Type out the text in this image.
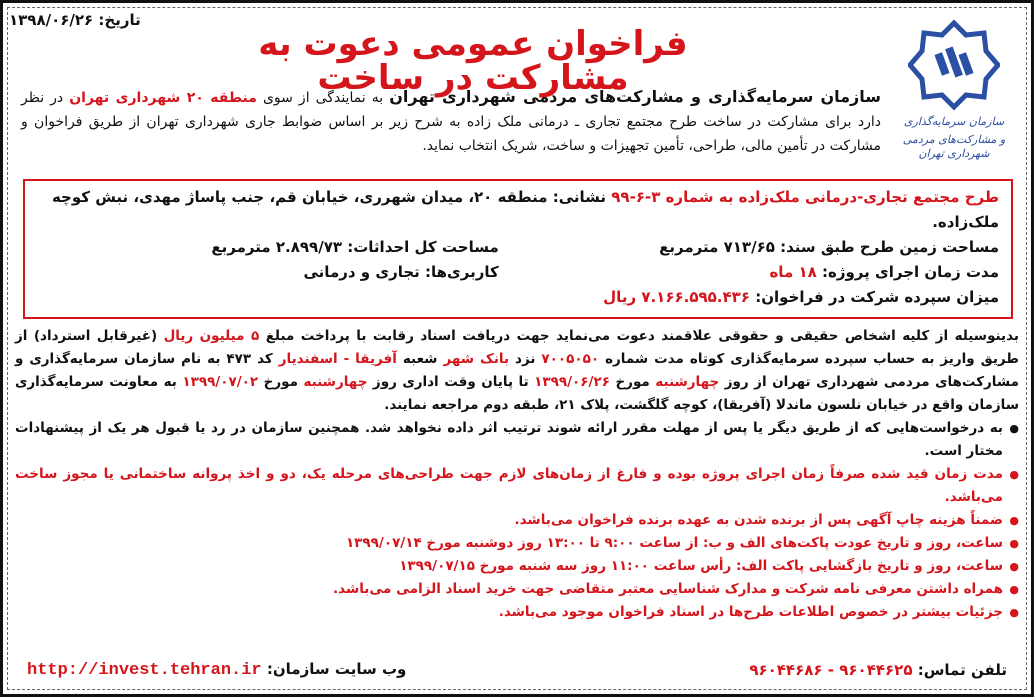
تاریخ: ۱۳۹۸/۰۶/۲۶
فراخوان عمومی دعوت به مشارکت در ساخت
سازمان سرمایه‌گذاری
و مشارکت‌های مردمی شهرداری تهران
سازمان سرمایه‌گذاری و مشارکت‌های مردمی شهرداری تهران به نمایندگی از سوی منطقه ۲۰ شهرداری تهران در نظر دارد برای مشارکت در ساخت طرح مجتمع تجاری ـ درمانی ملک زاده به شرح زیر بر اساس ضوابط جاری شهرداری تهران از طریق فراخوان و مشارکت در تأمین مالی، طراحی، تأمین تجهیزات و ساخت، شریک انتخاب نماید.
طرح مجتمع تجاری-درمانی ملک‌زاده به شماره ۳-۶-۹۹ نشانی: منطقه ۲۰، میدان شهرری، خیابان قم، جنب پاساژ مهدی، نبش کوچه ملک‌زاده.
مساحت زمین طرح طبق سند: ۷۱۳/۶۵ مترمربع
مساحت کل احداثات: ۲.۸۹۹/۷۳ مترمربع
مدت زمان اجرای پروژه: ۱۸ ماه
کاربری‌ها: تجاری و درمانی
میزان سپرده شرکت در فراخوان: ۷.۱۶۶.۵۹۵.۴۳۶ ریال
بدینوسیله از کلیه اشخاص حقیقی و حقوقی علاقمند دعوت می‌نماید جهت دریافت اسناد رقابت با پرداخت مبلغ ۵ میلیون ریال (غیرقابل استرداد) از طریق واریز به حساب سپرده سرمایه‌گذاری کوتاه مدت شماره ۷۰۰۵۰۵۰ نزد بانک شهر شعبه آفریقا - اسفندیار کد ۴۷۳ به نام سازمان سرمایه‌گذاری و مشارکت‌های مردمی شهرداری تهران از روز چهارشنبه مورخ ۱۳۹۹/۰۶/۲۶ تا پایان وقت اداری روز چهارشنبه مورخ ۱۳۹۹/۰۷/۰۲ به معاونت سرمایه‌گذاری سازمان واقع در خیابان نلسون ماندلا (آفریقا)، کوچه گلگشت، پلاک ۲۱، طبقه دوم مراجعه نمایند.
● به درخواست‌هایی که از طریق دیگر یا پس از مهلت مقرر ارائه شوند ترتیب اثر داده نخواهد شد. همچنین سازمان در رد یا قبول هر یک از پیشنهادات مختار است.
● مدت زمان قید شده صرفاً زمان اجرای پروژه بوده و فارغ از زمان‌های لازم جهت طراحی‌های مرحله یک، دو و اخذ پروانه ساختمانی یا مجوز ساخت می‌باشد.
● ضمناً هزینه چاپ آگهی پس از برنده شدن به عهده برنده فراخوان می‌باشد.
● ساعت، روز و تاریخ عودت پاکت‌های الف و ب: از ساعت ۹:۰۰ تا ۱۳:۰۰ روز دوشنبه مورخ ۱۳۹۹/۰۷/۱۴
● ساعت، روز و تاریخ بازگشایی پاکت الف: رأس ساعت ۱۱:۰۰ روز سه شنبه مورخ ۱۳۹۹/۰۷/۱۵
● همراه داشتن معرفی نامه شرکت و مدارک شناسایی معتبر متقاضی جهت خرید اسناد الزامی می‌باشد.
● جزئیات بیشتر در خصوص اطلاعات طرح‌ها در اسناد فراخوان موجود می‌باشد.
تلفن تماس: ۹۶۰۴۴۶۲۵ - ۹۶۰۴۴۶۸۶
وب سایت سازمان: http://invest.tehran.ir
